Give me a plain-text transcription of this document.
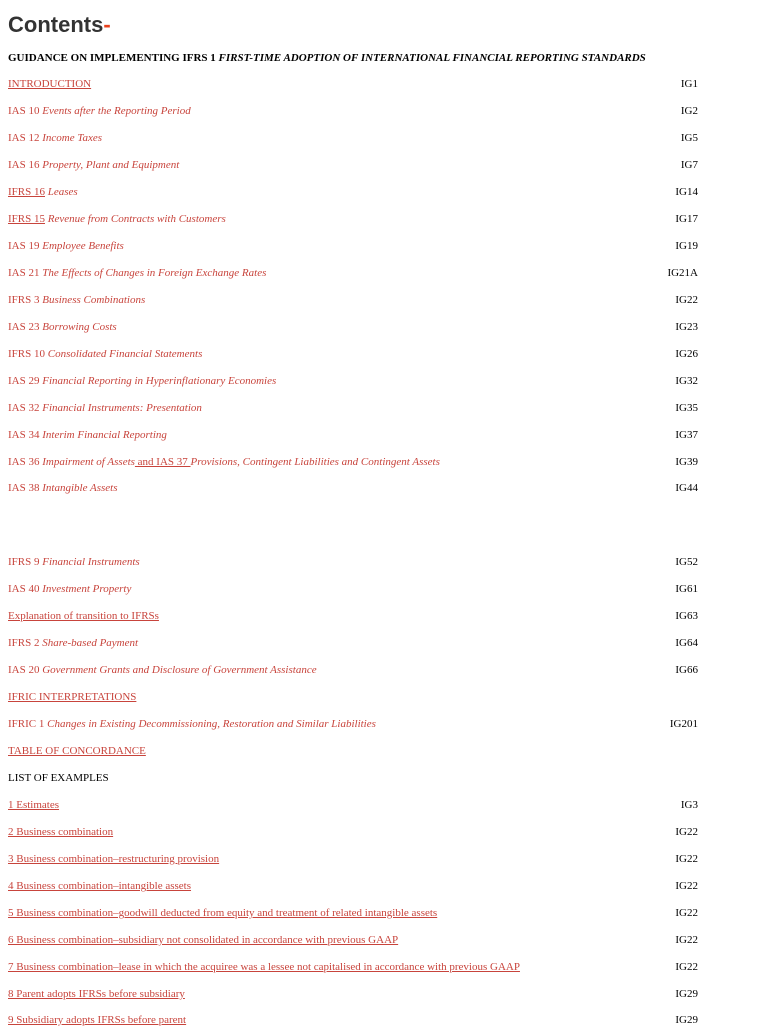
Contents-
GUIDANCE ON IMPLEMENTING IFRS 1 FIRST-TIME ADOPTION OF INTERNATIONAL FINANCIAL REPORTING STANDARDS
INTRODUCTION	IG1
IAS 10 Events after the Reporting Period	IG2
IAS 12 Income Taxes	IG5
IAS 16 Property, Plant and Equipment	IG7
IFRS 16 Leases	IG14
IFRS 15 Revenue from Contracts with Customers	IG17
IAS 19 Employee Benefits	IG19
IAS 21 The Effects of Changes in Foreign Exchange Rates	IG21A
IFRS 3 Business Combinations	IG22
IAS 23 Borrowing Costs	IG23
IFRS 10 Consolidated Financial Statements	IG26
IAS 29 Financial Reporting in Hyperinflationary Economies	IG32
IAS 32 Financial Instruments: Presentation	IG35
IAS 34 Interim Financial Reporting	IG37
IAS 36 Impairment of Assets and IAS 37 Provisions, Contingent Liabilities and Contingent Assets	IG39
IAS 38 Intangible Assets	IG44
IFRS 9 Financial Instruments	IG52
IAS 40 Investment Property	IG61
Explanation of transition to IFRSs	IG63
IFRS 2 Share-based Payment	IG64
IAS 20 Government Grants and Disclosure of Government Assistance	IG66
IFRIC INTERPRETATIONS
IFRIC 1 Changes in Existing Decommissioning, Restoration and Similar Liabilities	IG201
TABLE OF CONCORDANCE
LIST OF EXAMPLES
1 Estimates	IG3
2 Business combination	IG22
3 Business combination–restructuring provision	IG22
4 Business combination–intangible assets	IG22
5 Business combination–goodwill deducted from equity and treatment of related intangible assets	IG22
6 Business combination–subsidiary not consolidated in accordance with previous GAAP	IG22
7 Business combination–lease in which the acquiree was a lessee not capitalised in accordance with previous GAAP	IG22
8 Parent adopts IFRSs before subsidiary	IG29
9 Subsidiary adopts IFRSs before parent	IG29
